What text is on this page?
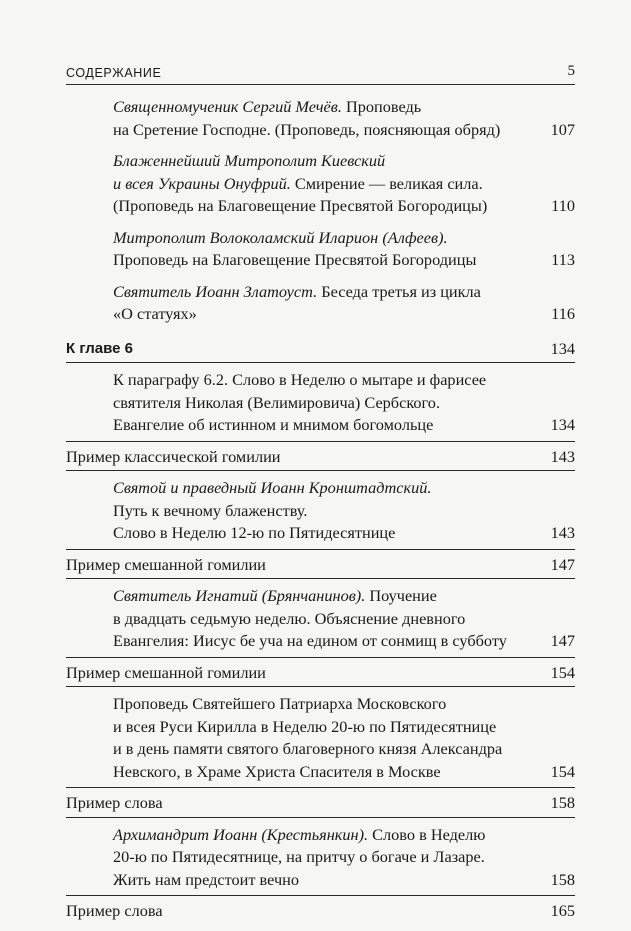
СОДЕРЖАНИЕ	5
Священномученик Сергий Мечёв. Проповедь
на Сретение Господне. (Проповедь, поясняющая обряд)	107
Блаженнейший Митрополит Киевский
и всея Украины Онуфрий. Смирение — великая сила.
(Проповедь на Благовещение Пресвятой Богородицы)	110
Митрополит Волоколамский Иларион (Алфеев).
Проповедь на Благовещение Пресвятой Богородицы	113
Святитель Иоанн Златоуст. Беседа третья из цикла
«О статуях»	116
К главе 6	134
К параграфу 6.2. Слово в Неделю о мытаре и фарисее
святителя Николая (Велимировича) Сербского.
Евангелие об истинном и мнимом богомольце	134
Пример классической гомилии	143
Святой и праведный Иоанн Кронштадтский.
Путь к вечному блаженству.
Слово в Неделю 12-ю по Пятидесятнице	143
Пример смешанной гомилии	147
Святитель Игнатий (Брянчанинов). Поучение
в двадцать седьмую неделю. Объяснение дневного
Евангелия: Иисус бе уча на едином от сонмищ в субботу	147
Пример смешанной гомилии	154
Проповедь Святейшего Патриарха Московского
и всея Руси Кирилла в Неделю 20-ю по Пятидесятнице
и в день памяти святого благоверного князя Александра
Невского, в Храме Христа Спасителя в Москве	154
Пример слова	158
Архимандрит Иоанн (Крестьянкин). Слово в Неделю
20-ю по Пятидесятнице, на притчу о богаче и Лазаре.
Жить нам предстоит вечно	158
Пример слова	165
